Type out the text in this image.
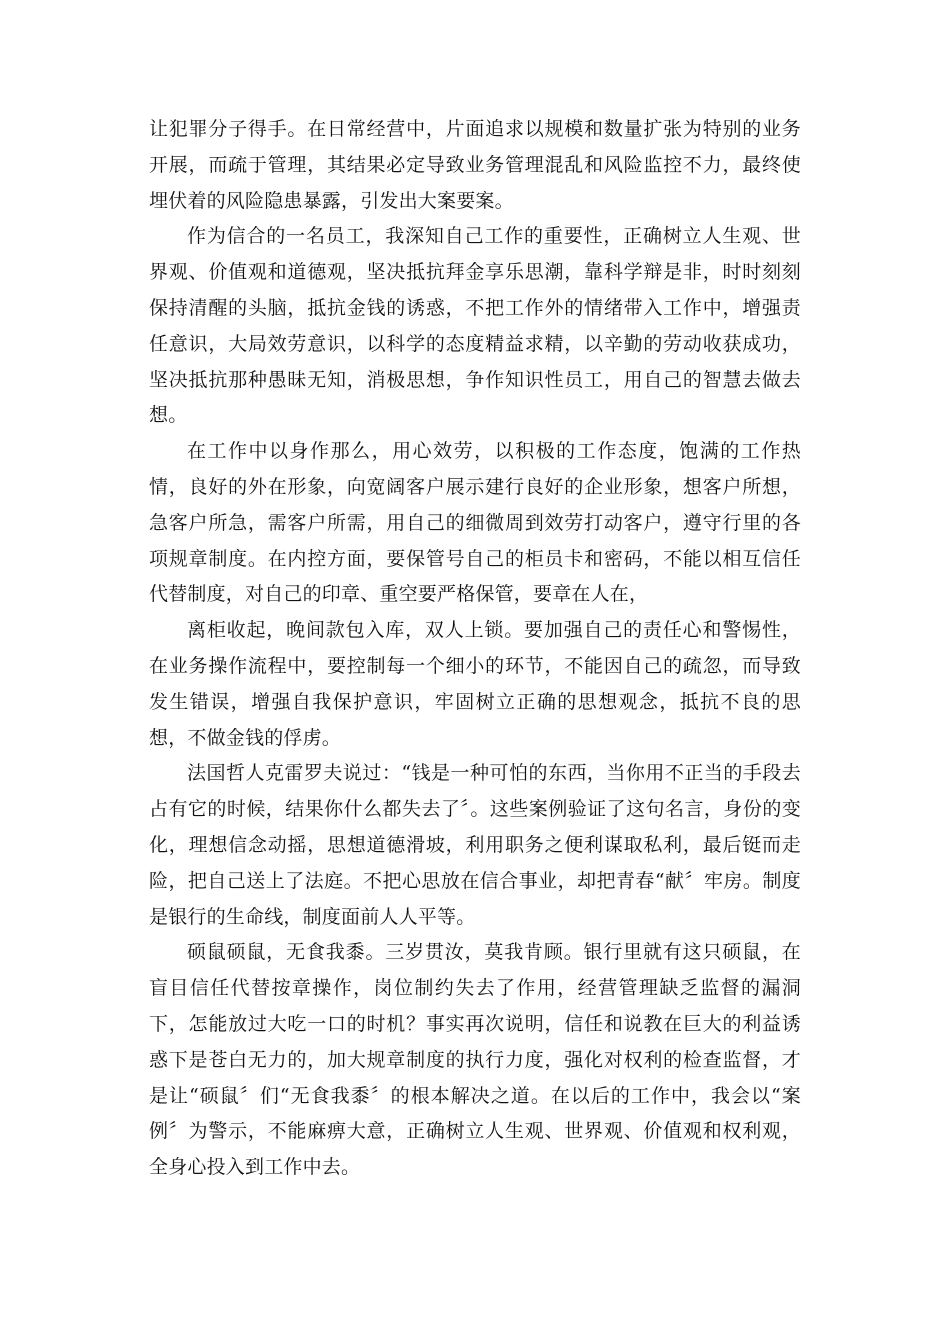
让犯罪分子得手。在日常经营中，片面追求以规模和数量扩张为特别的业务开展，而疏于管理，其结果必定导致业务管理混乱和风险监控不力，最终使埋伏着的风险隐患暴露，引发出大案要案。

作为信合的一名员工，我深知自己工作的重要性，正确树立人生观、世界观、价值观和道德观，坚决抵抗拜金享乐思潮，靠科学辩是非，时时刻刻保持清醒的头脑，抵抗金钱的诱惑，不把工作外的情绪带入工作中，增强责任意识，大局效劳意识，以科学的态度精益求精，以辛勤的劳动收获成功，坚决抵抗那种愚昧无知，消极思想，争作知识性员工，用自己的智慧去做去想。

在工作中以身作那么，用心效劳，以积极的工作态度，饱满的工作热情，良好的外在形象，向宽阔客户展示建行良好的企业形象，想客户所想，急客户所急，需客户所需，用自己的细微周到效劳打动客户，遵守行里的各项规章制度。在内控方面，要保管号自己的柜员卡和密码，不能以相互信任代替制度，对自己的印章、重空要严格保管，要章在人在，

离柜收起，晚间款包入库，双人上锁。要加强自己的责任心和警惕性，在业务操作流程中，要控制每一个细小的环节，不能因自己的疏忽，而导致发生错误，增强自我保护意识，牢固树立正确的思想观念，抵抗不良的思想，不做金钱的俘虏。

法国哲人克雷罗夫说过：“钱是一种可怕的东西，当你用不正当的手段去占有它的时候，结果你什么都失去了〞。这些案例验证了这句名言，身份的变化，理想信念动摇，思想道德滑坡，利用职务之便利谋取私利，最后铤而走险，把自己送上了法庭。不把心思放在信合事业，却把青春“献〞牢房。制度是银行的生命线，制度面前人人平等。

硕鼠硕鼠，无食我黍。三岁贯汝，莫我肯顾。银行里就有这只硕鼠，在盲目信任代替按章操作，岗位制约失去了作用，经营管理缺乏监督的漏洞下，怎能放过大吃一口的时机？事实再次说明，信任和说教在巨大的利益诱惑下是苍白无力的，加大规章制度的执行力度，强化对权利的检查监督，才是让“硕鼠〞们“无食我黍〞的根本解决之道。在以后的工作中，我会以“案例〞为警示，不能麻痹大意，正确树立人生观、世界观、价值观和权利观，全身心投入到工作中去。
